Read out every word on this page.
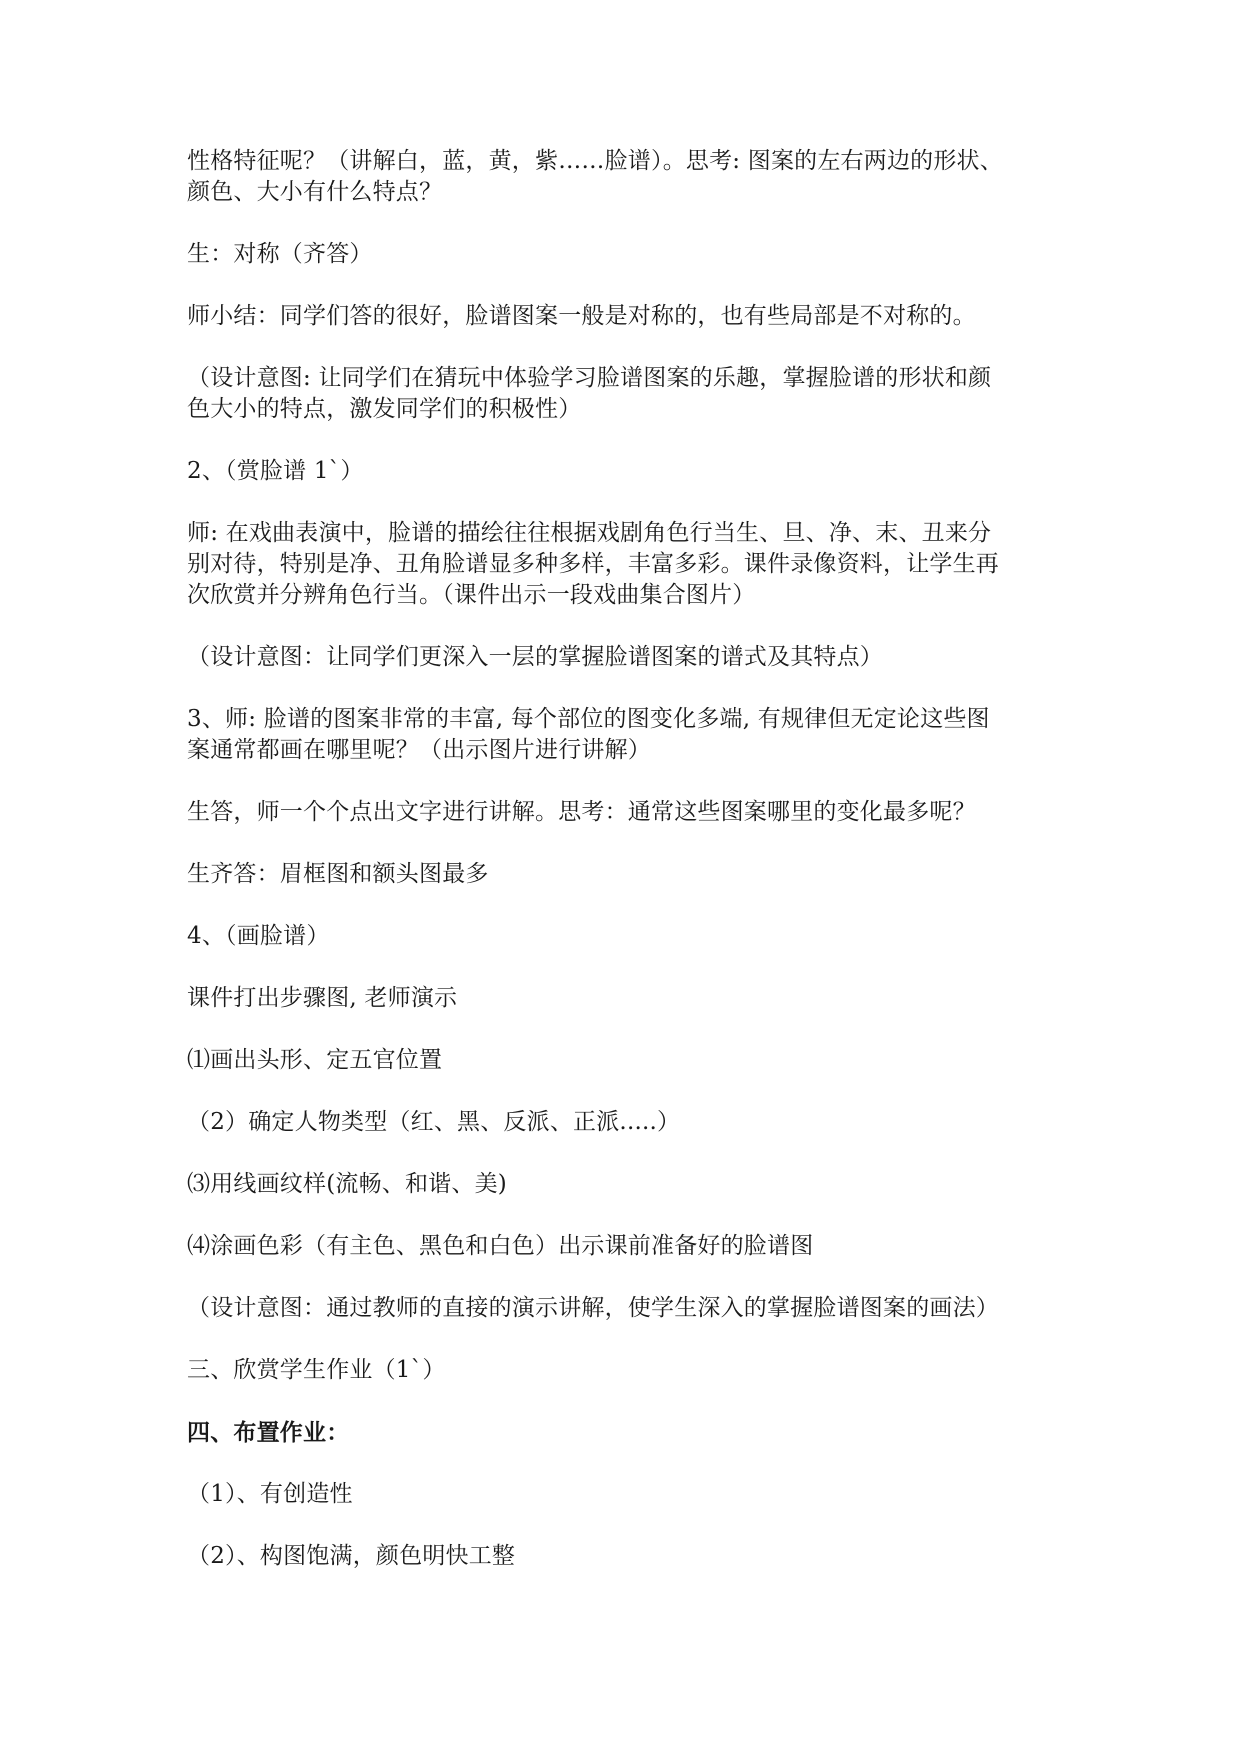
性格特征呢？（讲解白，蓝，黄，紫……脸谱）。思考: 图案的左右两边的形状、
颜色、大小有什么特点？

生：对称（齐答）

师小结：同学们答的很好，脸谱图案一般是对称的，也有些局部是不对称的。

（设计意图: 让同学们在猜玩中体验学习脸谱图案的乐趣，掌握脸谱的形状和颜
色大小的特点，激发同学们的积极性）

2、（赏脸谱 1`）

师: 在戏曲表演中，脸谱的描绘往往根据戏剧角色行当生、旦、净、末、丑来分
别对待，特别是净、丑角脸谱显多种多样，丰富多彩。课件录像资料，让学生再
次欣赏并分辨角色行当。（课件出示一段戏曲集合图片）

（设计意图：让同学们更深入一层的掌握脸谱图案的谱式及其特点）

3、师: 脸谱的图案非常的丰富, 每个部位的图变化多端, 有规律但无定论这些图
案通常都画在哪里呢？（出示图片进行讲解）

生答，师一个个点出文字进行讲解。思考：通常这些图案哪里的变化最多呢？

生齐答：眉框图和额头图最多

4、（画脸谱）

课件打出步骤图, 老师演示

⑴画出头形、定五官位置

（2）确定人物类型（红、黑、反派、正派.....）

⑶用线画纹样(流畅、和谐、美)

⑷涂画色彩（有主色、黑色和白色）出示课前准备好的脸谱图

（设计意图：通过教师的直接的演示讲解，使学生深入的掌握脸谱图案的画法）

三、欣赏学生作业（1`）

四、布置作业：

（1）、有创造性

（2）、构图饱满，颜色明快工整
